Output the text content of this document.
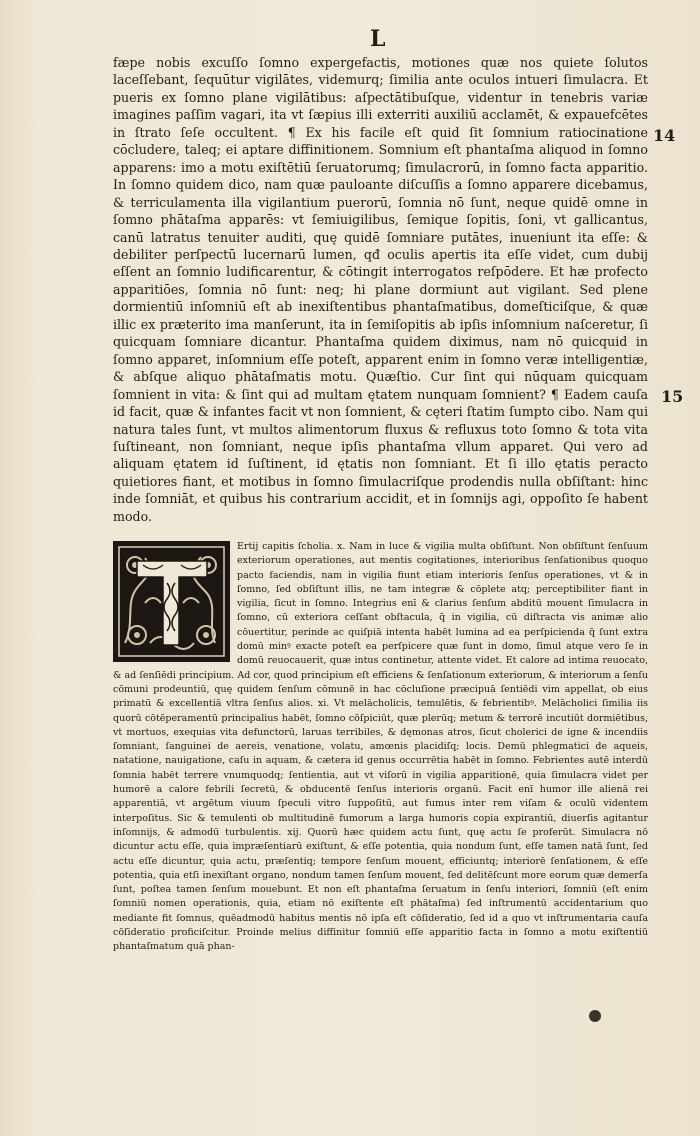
L

fæpe nobis excuſſo ſomno expergefactis, motiones quæ nos quiete ſolutos laceſſebant, ſequūtur vigilātes, videmurq; ſimilia ante oculos intueri ſimulacra. Et pueris ex ſomno plane vigilātibus: aſpectātibuſque, videntur in tenebris variæ imagines paſſim vagari, ita vt ſæpius illi exterriti auxiliū acclamēt, & expauefcētes in ſtrato ſeſe occultent. ¶ Ex his facile eſt quid ſit ſomnium ratiocinatione cōcludere, taleq; ei aptare diffinitionem. Somnium eſt phantaſma aliquod in ſomno apparens: imo a motu exiſtētiū ſeruatorumq; ſimulacrorū, in ſomno facta apparitio. In ſomno quidem dico, nam quæ pauloante diſcuſſis a ſomno apparere dicebamus, & terriculamenta illa vigilantium puerorū, ſomnia nō ſunt, neque quidē omne in ſomno phātaſma apparēs: vt ſemiuigilibus, ſemique ſopitis, ſoni, vt gallicantus, canū latratus tenuiter auditi, quę quidē ſomniare putātes, inueniunt ita eſſe: & debiliter perſpectū lucernarū lumen, qđ oculis apertis ita eſſe videt, cum dubij eſſent an ſomnio ludificarentur, & cōtingit interrogatos reſpōdere. Et hæ profecto apparitiōes, ſomnia nō ſunt: neq; hi plane dormiunt aut vigilant. Sed plene dormientiū inſomniū eſt ab inexiſtentibus phantaſmatibus, domeſticiſque, & quæ illic ex præterito ima manſerunt, ita in ſemiſopitis ab ipſis inſomnium naſceretur, ſi quicquam ſomniare dicantur. Phantaſma quidem diximus, nam nō quicquid in ſomno apparet, inſomnium eſſe poteſt, apparent enim in ſomno veræ intelligentiæ, & abſque aliquo phātaſmatis motu. Quæſtio. Cur ſint qui nūquam quicquam ſomnient in vita: & ſint qui ad multam ętatem nunquam ſomnient? ¶ Eadem cauſa id facit, quæ & infantes facit vt non ſomnient, & cęteri ſtatim ſumpto cibo. Nam qui natura tales ſunt, vt multos alimentorum fluxus & refluxus toto ſomno & tota vita ſuſtineant, non ſomniant, neque ipſis phantaſma vllum apparet. Qui vero ad aliquam ętatem id ſuſtinent, id ętatis non ſomniant. Et ſi illo ętatis peracto quietiores fiant, et motibus in ſomno ſimulacriſque prodendis nulla obſiſtant: hinc inde ſomniāt, et quibus his contrarium accidit, et in ſomnijs agi, oppoſito ſe habent modo.

14
15

Ertij capitis ſcholia. x. Nam in luce & vigilia multa obſiſtunt. Non obſiſtunt ſenſuum exteriorum operationes, aut mentis cogitationes, interioribus ſenſationibus quoquo pacto faciendis, nam in vigilia fiunt etiam interioris ſenſus operationes, vt & in ſomno, ſed obſiſtunt illis, ne tam integræ & cōplete atq; perceptibiliter fiant in vigilia, ſicut in ſomno. Integrius enī & clarius ſenſum abditū mouent ſimulacra in ſomno, cū exteriora ceſſant obſtacula, q̄ in vigilia, cū diſtracta vis animæ alio cōuertitur, perinde ac quiſpiā intenta habēt lumina ad ea perſpicienda q̄ ſunt extra domū minꝰ exacte poteſt ea perſpicere quæ ſunt in domo, ſimul atque vero ſe in domū reuocauerit, quæ intus continetur, attente videt. Et calore ad intima reuocato, & ad ſenſiēdi principium. Ad cor, quod principium eſt efficiens & ſenſationum exteriorum, & interiorum a ſenſu cōmuni prodeuntiū, quę quidem ſenſum cōmunē in hac cōcluſione præcipuā ſentiēdi vim appellat, ob eius primatū & excellentiā vltra ſenſus alios. xi. Vt melācholicis, temulētis, & febrientibꝰ. Melācholici ſimilia iis quorū cōtēperamentū principalius habēt, ſomno cōſpiciūt, quæ plerūq; metum & terrorē incutiūt dormiētibus, vt mortuos, exequias vita defunctorū, laruas terribiles, & dęmonas atros, ſicut cholerici de igne & incendiis ſomniant, ſanguinei de aereis, venatione, volatu, amœnis placidiſq; locis. Demū phlegmatici de aqueis, natatione, nauigatione, caſu in aquam, & cætera id genus occurrētia habēt in ſomno. Febrientes autē interdū ſomnia habēt terrere vnumquodq; ſentientia, aut vt viſorū in vigilia apparitionē, quia ſimulacra videt per humorē a calore febrili ſecretū, & obducentē ſenſus interioris organū. Facit enī humor ille alienā rei apparentiā, vt argētum viuum ſpeculi vitro ſuppoſitū, aut fumus inter rem viſam & oculū videntem interpoſitus. Sic & temulenti ob multitudinē fumorum a larga humoris copia expirantiū, diuerſis agitantur inſomnijs, & admodū turbulentis. xij. Quorū hæc quidem actu ſunt, quę actu ſe proferūt. Simulacra nō dicuntur actu eſſe, quia impræſentiarū exiſtunt, & eſſe potentia, quia nondum ſunt, eſſe tamen natā ſunt, ſed actu eſſe dicuntur, quia actu, præſentiq; tempore ſenſum mouent, efficiuntq; interiorē ſenſationem, & eſſe potentia, quia etſi inexiſtant organo, nondum tamen ſenſum mouent, ſed delitēſcunt more eorum quæ demerſa ſunt, poſtea tamen ſenſum mouebunt. Et non eſt phantaſma ſeruatum in ſenſu interiori, ſomniū (eſt enim ſomniū nomen operationis, quia, etiam nō exiſtente eſt phātaſma) ſed inſtrumentū accidentarium quo mediante fit ſomnus, quēadmodū habitus mentis nō ipſa eſt cōſideratio, ſed id a quo vt inſtrumentaria cauſa cōſideratio proficiſcitur. Proinde melius diffinitur ſomniū eſſe apparitio facta in ſomno a motu exiſtentiū phantaſmatum quā phan-
